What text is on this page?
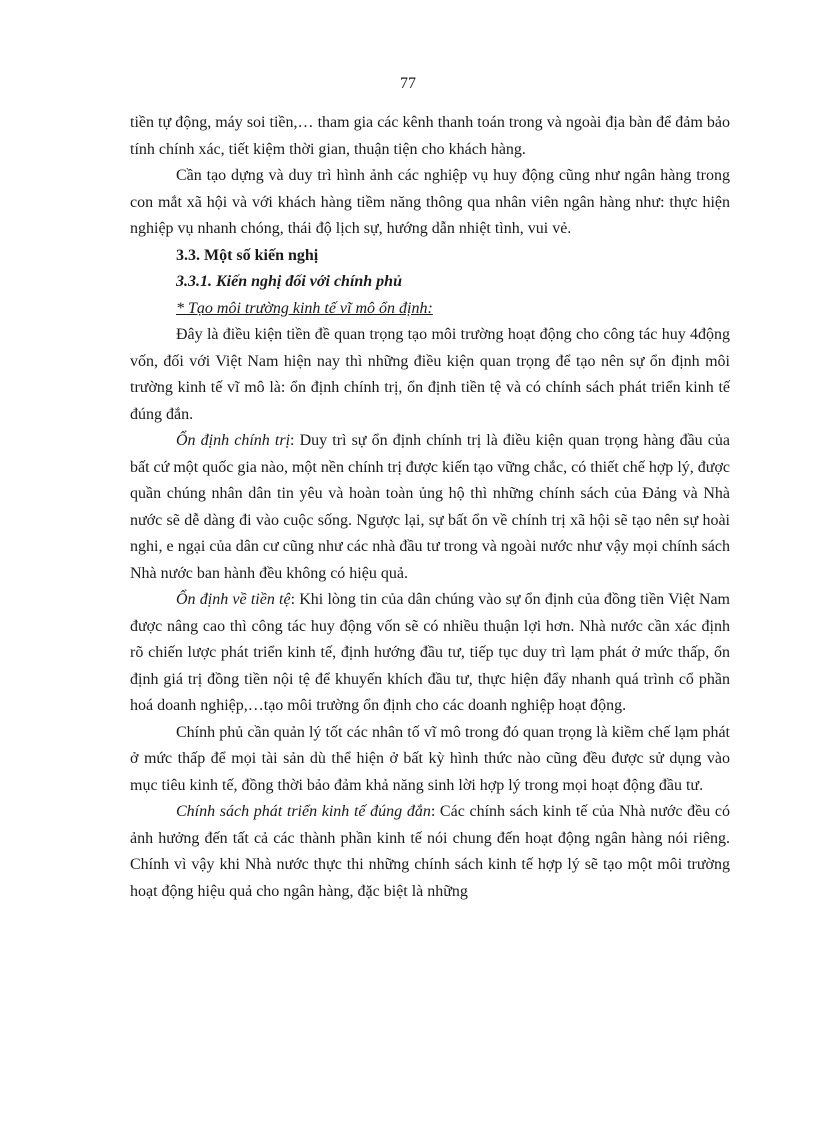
77

tiền tự động, máy soi tiền,… tham gia các kênh thanh toán trong và ngoài địa bàn để đảm bảo tính chính xác, tiết kiệm thời gian, thuận tiện cho khách hàng.

Cần tạo dựng và duy trì hình ảnh các nghiệp vụ huy động cũng như ngân hàng trong con mắt xã hội và với khách hàng tiềm năng thông qua nhân viên ngân hàng như: thực hiện nghiệp vụ nhanh chóng, thái độ lịch sự, hướng dẫn nhiệt tình, vui vẻ.

3.3. Một số kiến nghị

3.3.1. Kiến nghị đối với chính phủ

* Tạo môi trường kinh tế vĩ mô ổn định:

Đây là điều kiện tiền đề quan trọng tạo môi trường hoạt động cho công tác huy 4động vốn, đối với Việt Nam hiện nay thì những điều kiện quan trọng để tạo nên sự ổn định môi trường kinh tế vĩ mô là: ổn định chính trị, ổn định tiền tệ và có chính sách phát triển kinh tế đúng đắn.

Ổn định chính trị: Duy trì sự ổn định chính trị là điều kiện quan trọng hàng đầu của bất cứ một quốc gia nào, một nền chính trị được kiến tạo vững chắc, có thiết chế hợp lý, được quần chúng nhân dân tin yêu và hoàn toàn ủng hộ thì những chính sách của Đảng và Nhà nước sẽ dễ dàng đi vào cuộc sống. Ngược lại, sự bất ổn về chính trị xã hội sẽ tạo nên sự hoài nghi, e ngại của dân cư cũng như các nhà đầu tư trong và ngoài nước như vậy mọi chính sách Nhà nước ban hành đều không có hiệu quả.

Ổn định về tiền tệ: Khi lòng tin của dân chúng vào sự ổn định của đồng tiền Việt Nam được nâng cao thì công tác huy động vốn sẽ có nhiều thuận lợi hơn. Nhà nước cần xác định rõ chiến lược phát triển kinh tế, định hướng đầu tư, tiếp tục duy trì lạm phát ở mức thấp, ổn định giá trị đồng tiền nội tệ để khuyến khích đầu tư, thực hiện đẩy nhanh quá trình cổ phần hoá doanh nghiệp,…tạo môi trường ổn định cho các doanh nghiệp hoạt động.

Chính phủ cần quản lý tốt các nhân tố vĩ mô trong đó quan trọng là kiềm chế lạm phát ở mức thấp để mọi tài sản dù thể hiện ở bất kỳ hình thức nào cũng đều được sử dụng vào mục tiêu kinh tế, đồng thời bảo đảm khả năng sinh lời hợp lý trong mọi hoạt động đầu tư.

Chính sách phát triển kinh tế đúng đắn: Các chính sách kinh tế của Nhà nước đều có ảnh hưởng đến tất cả các thành phần kinh tế nói chung đến hoạt động ngân hàng nói riêng. Chính vì vậy khi Nhà nước thực thi những chính sách kinh tế hợp lý sẽ tạo một môi trường hoạt động hiệu quả cho ngân hàng, đặc biệt là những
